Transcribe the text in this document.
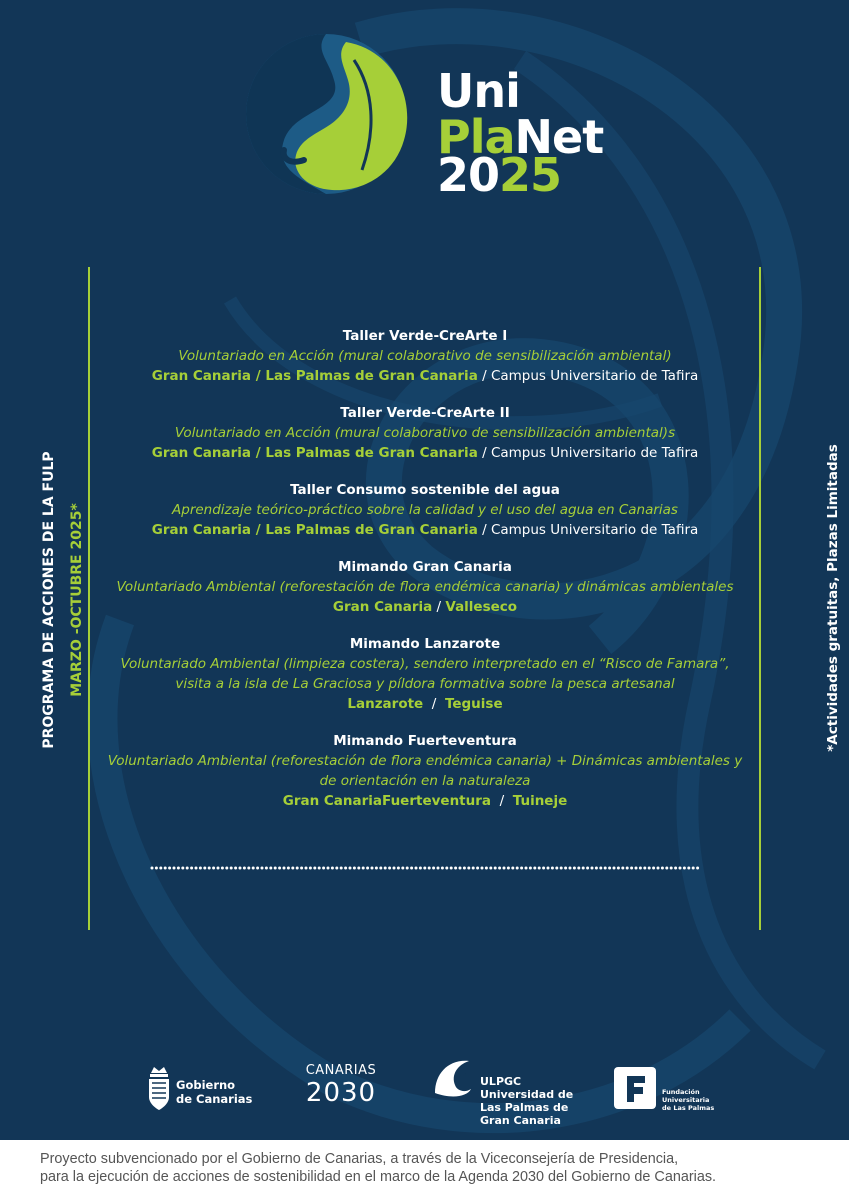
Uni
PlaNet
2025
PROGRAMA DE ACCIONES DE LA FULP MARZO -OCTUBRE 2025*	*Actividades gratuitas, Plazas Limitadas
Taller Verde-CreArte I
Voluntariado en Acción (mural colaborativo de sensibilización ambiental)
Gran Canaria / Las Palmas de Gran Canaria / Campus Universitario de Tafira
Taller Verde-CreArte II
Voluntariado en Acción (mural colaborativo de sensibilización ambiental)s
Gran Canaria / Las Palmas de Gran Canaria / Campus Universitario de Tafira
Taller Consumo sostenible del agua
Aprendizaje teórico-práctico sobre la calidad y el uso del agua en Canarias
Gran Canaria / Las Palmas de Gran Canaria / Campus Universitario de Tafira
Mimando Gran Canaria
Voluntariado Ambiental (reforestación de flora endémica canaria) y dinámicas ambientales
Gran Canaria / Valleseco
Mimando Lanzarote
Voluntariado Ambiental (limpieza costera), sendero interpretado en el “Risco de Famara”,
visita a la isla de La Graciosa y píldora formativa sobre la pesca artesanal
Lanzarote  /  Teguise
Mimando Fuerteventura
Voluntariado Ambiental (reforestación de flora endémica canaria) + Dinámicas ambientales y
de orientación en la naturaleza
Gran CanariaFuerteventura  /  Tuineje
Gobierno
de Canarias
CANARIAS
2030	ULPGC
Universidad de
Las Palmas de
Gran Canaria
Fundación
Universitaria
de Las Palmas
Proyecto subvencionado por el Gobierno de Canarias, a través de la Viceconsejería de Presidencia,
para la ejecución de acciones de sostenibilidad en el marco de la Agenda 2030 del Gobierno de Canarias.
